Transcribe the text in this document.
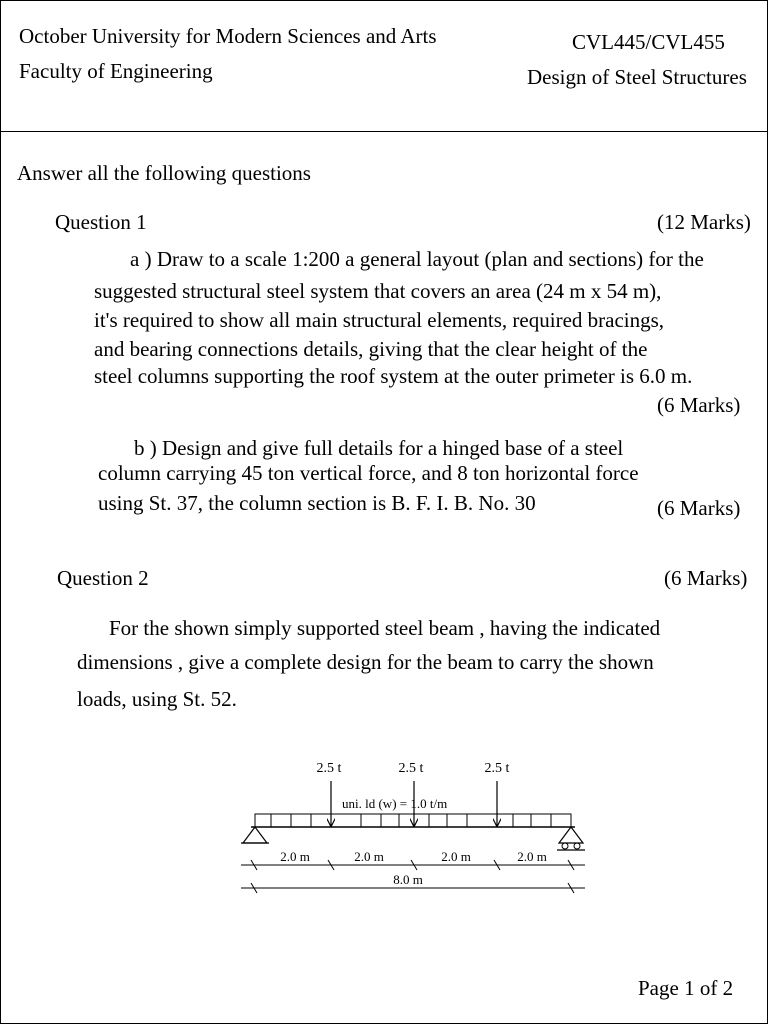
October University for Modern Sciences and Arts
Faculty of Engineering
CVL445/CVL455
Design of Steel Structures
Answer all the following questions
Question 1	(12 Marks)
a ) Draw to a scale 1:200 a general layout (plan and sections) for the
suggested structural steel system that covers an area (24 m x 54 m),
it's required to show all main structural elements, required bracings,
and bearing connections details, giving that the clear height of the
steel columns supporting the roof system at the outer primeter is 6.0 m.
(6 Marks)
b ) Design and give full details for a hinged base of a steel
column carrying 45 ton vertical force, and 8 ton horizontal force
using St. 37, the column section is B. F. I. B. No. 30	(6 Marks)
Question 2	(6 Marks)
For the shown simply supported steel beam , having the indicated
dimensions , give a complete design for the beam to carry the shown
loads, using St. 52.
2.5 t	2.5 t	2.5 t
uni. ld (w) = 1.0 t/m
2.0 m	2.0 m	2.0 m	2.0 m
8.0 m
Page 1 of 2
